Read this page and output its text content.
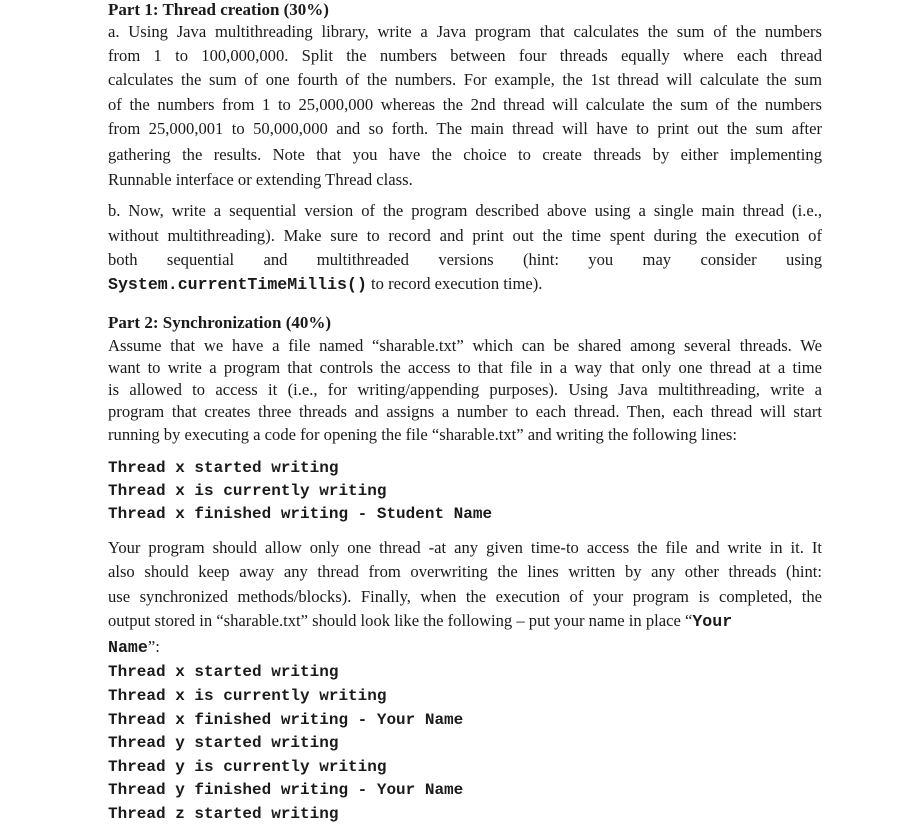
Part 1: Thread creation (30%)
a. Using Java multithreading library, write a Java program that calculates the sum of the numbers
from 1 to 100,000,000. Split the numbers between four threads equally where each thread
calculates the sum of one fourth of the numbers. For example, the 1st thread will calculate the sum
of the numbers from 1 to 25,000,000 whereas the 2nd thread will calculate the sum of the numbers
from 25,000,001 to 50,000,000 and so forth. The main thread will have to print out the sum after
gathering the results. Note that you have the choice to create threads by either implementing
Runnable interface or extending Thread class.
b. Now, write a sequential version of the program described above using a single main thread (i.e.,
without multithreading). Make sure to record and print out the time spent during the execution of
both sequential and multithreaded versions (hint: you may consider using
System.currentTimeMillis() to record execution time).
Part 2: Synchronization (40%)
Assume that we have a file named “sharable.txt” which can be shared among several threads. We
want to write a program that controls the access to that file in a way that only one thread at a time
is allowed to access it (i.e., for writing/appending purposes). Using Java multithreading, write a
program that creates three threads and assigns a number to each thread. Then, each thread will start
running by executing a code for opening the file “sharable.txt” and writing the following lines:
Thread x started writing
Thread x is currently writing
Thread x finished writing - Student Name
Your program should allow only one thread -at any given time-to access the file and write in it. It
also should keep away any thread from overwriting the lines written by any other threads (hint:
use synchronized methods/blocks). Finally, when the execution of your program is completed, the
output stored in “sharable.txt” should look like the following – put your name in place “Your
Name”:
Thread x started writing
Thread x is currently writing
Thread x finished writing - Your Name
Thread y started writing
Thread y is currently writing
Thread y finished writing - Your Name
Thread z started writing
